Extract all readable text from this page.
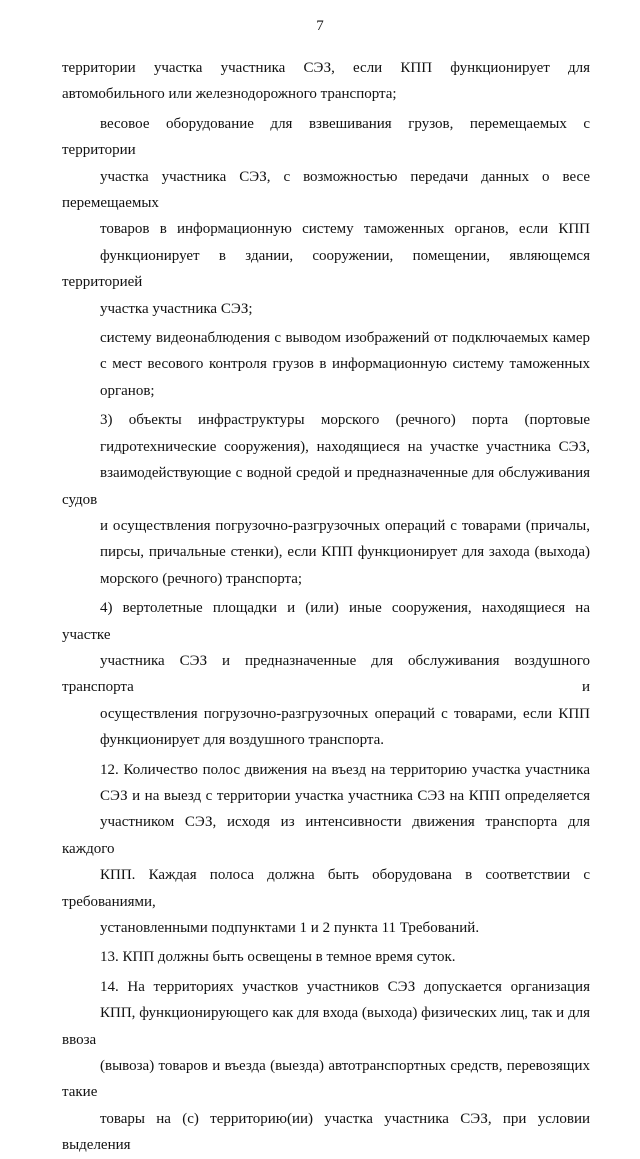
7
территории участка участника СЭЗ, если КПП функционирует для
автомобильного или железнодорожного транспорта;
весовое оборудование для взвешивания грузов, перемещаемых с территории
участка участника СЭЗ, с возможностью передачи данных о весе перемещаемых
товаров в информационную систему таможенных органов, если КПП
функционирует в здании, сооружении, помещении, являющемся территорией
участка участника СЭЗ;
систему видеонаблюдения с выводом изображений от подключаемых камер
с мест весового контроля грузов в информационную систему таможенных
органов;
3) объекты инфраструктуры морского (речного) порта (портовые
гидротехнические сооружения), находящиеся на участке участника СЭЗ,
взаимодействующие с водной средой и предназначенные для обслуживания судов
и осуществления погрузочно-разгрузочных операций с товарами (причалы,
пирсы, причальные стенки), если КПП функционирует для захода (выхода)
морского (речного) транспорта;
4) вертолетные площадки и (или) иные сооружения, находящиеся на участке
участника СЭЗ и предназначенные для обслуживания воздушного транспорта и
осуществления погрузочно-разгрузочных операций с товарами, если КПП
функционирует для воздушного транспорта.
12. Количество полос движения на въезд на территорию участка участника
СЭЗ и на выезд с территории участка участника СЭЗ на КПП определяется
участником СЭЗ, исходя из интенсивности движения транспорта для каждого
КПП. Каждая полоса должна быть оборудована в соответствии с требованиями,
установленными подпунктами 1 и 2 пункта 11 Требований.
13. КПП должны быть освещены в темное время суток.
14. На территориях участков участников СЭЗ допускается организация
КПП, функционирующего как для входа (выхода) физических лиц, так и для ввоза
(вывоза) товаров и въезда (выезда) автотранспортных средств, перевозящих такие
товары на (с) территорию(ии) участка участника СЭЗ, при условии выделения
